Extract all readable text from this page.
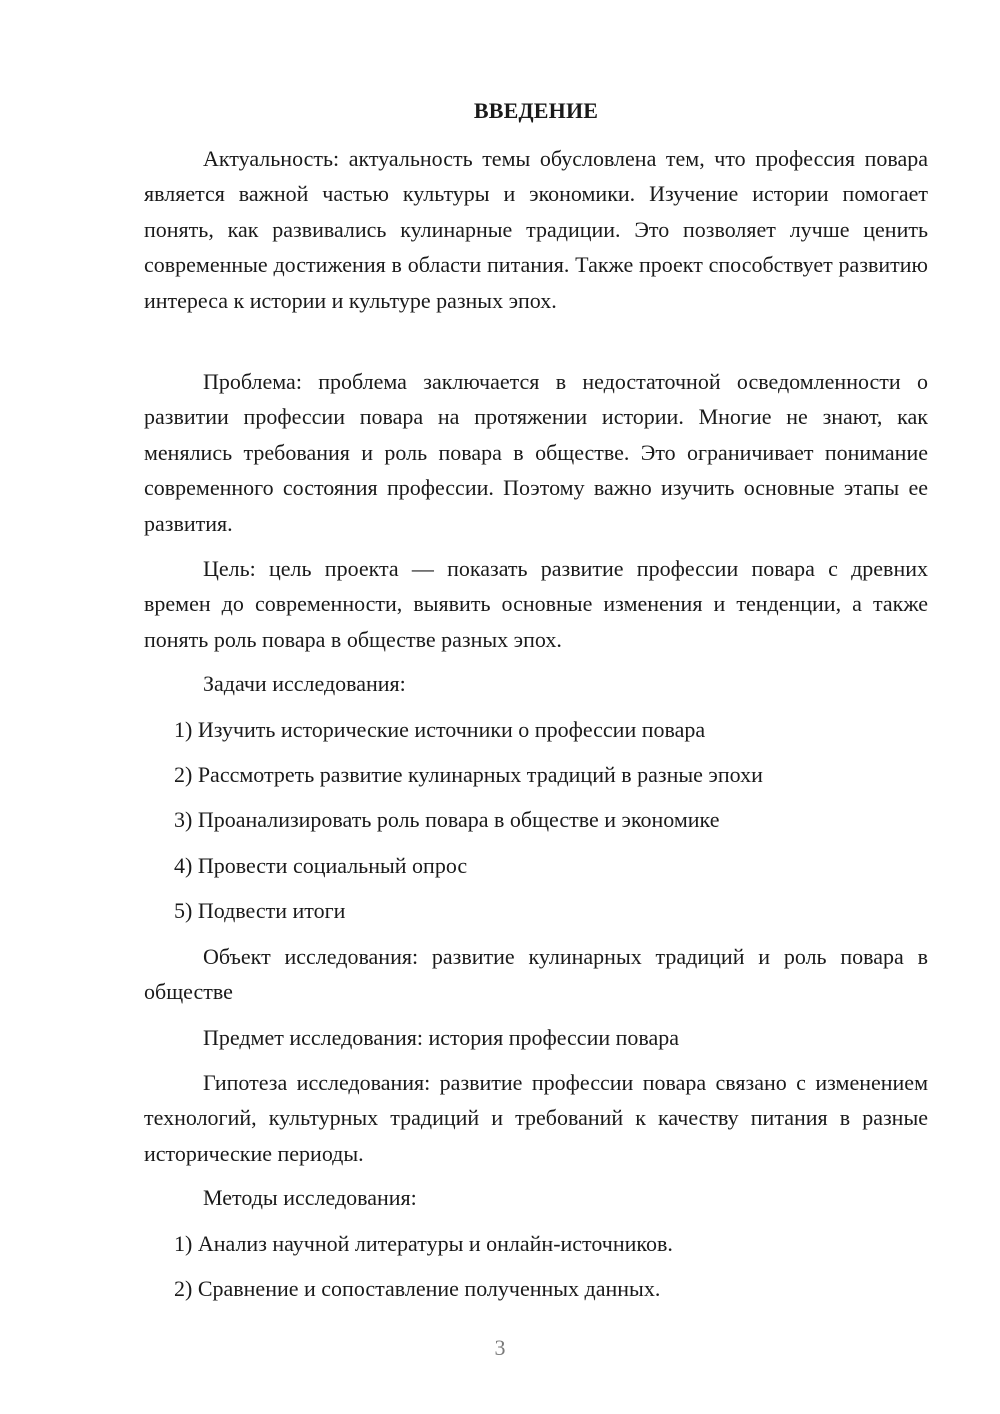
ВВЕДЕНИЕ

Актуальность: актуальность темы обусловлена тем, что профессия повара является важной частью культуры и экономики. Изучение истории помогает понять, как развивались кулинарные традиции. Это позволяет лучше ценить современные достижения в области питания. Также проект способствует развитию интереса к истории и культуре разных эпох.

Проблема: проблема заключается в недостаточной осведомленности о развитии профессии повара на протяжении истории. Многие не знают, как менялись требования и роль повара в обществе. Это ограничивает понимание современного состояния профессии. Поэтому важно изучить основные этапы ее развития.

Цель: цель проекта — показать развитие профессии повара с древних времен до современности, выявить основные изменения и тенденции, а также понять роль повара в обществе разных эпох.

Задачи исследования:

1) Изучить исторические источники о профессии повара

2) Рассмотреть развитие кулинарных традиций в разные эпохи

3) Проанализировать роль повара в обществе и экономике

4) Провести социальный опрос

5) Подвести итоги

Объект исследования: развитие кулинарных традиций и роль повара в обществе

Предмет исследования: история профессии повара

Гипотеза исследования: развитие профессии повара связано с изменением технологий, культурных традиций и требований к качеству питания в разные исторические периоды.

Методы исследования:

1) Анализ научной литературы и онлайн-источников.

2) Сравнение и сопоставление полученных данных.

3
